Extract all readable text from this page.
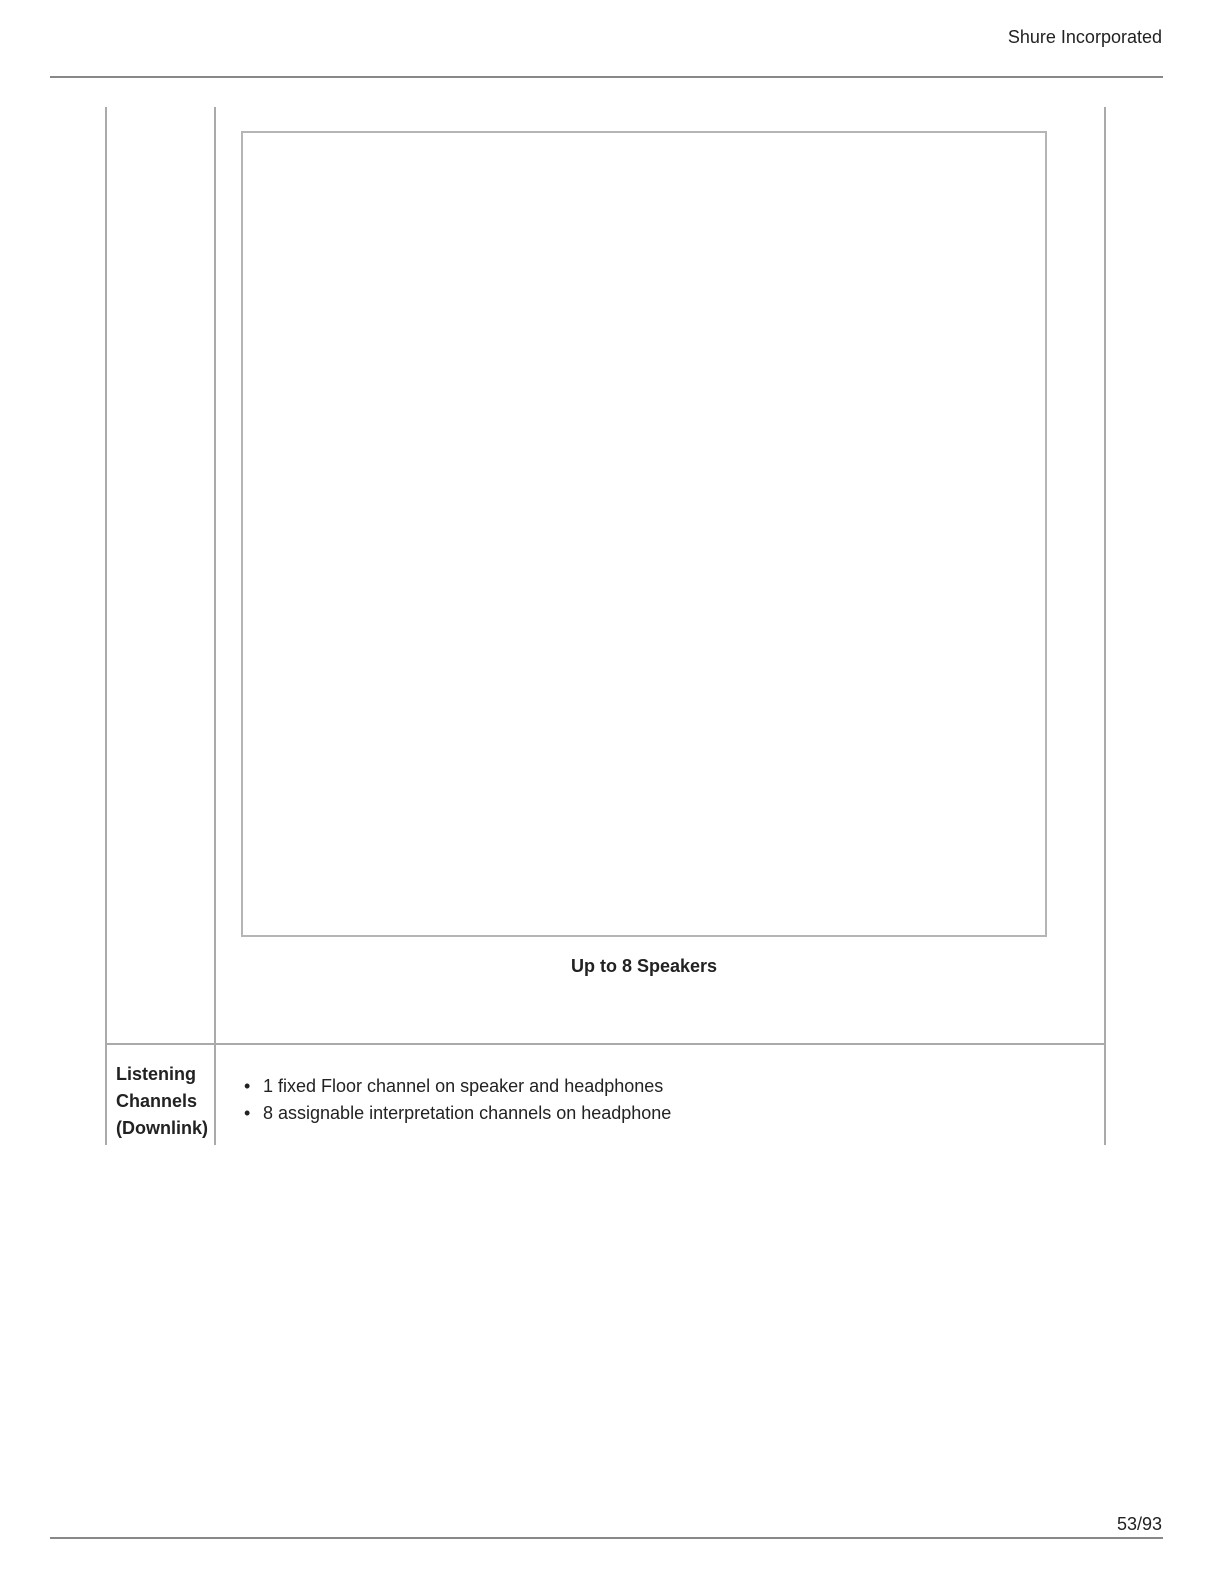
Shure Incorporated
Up to 8 Speakers
Listening
Channels
(Downlink)
• 1 fixed Floor channel on speaker and headphones
• 8 assignable interpretation channels on headphone
53/93
